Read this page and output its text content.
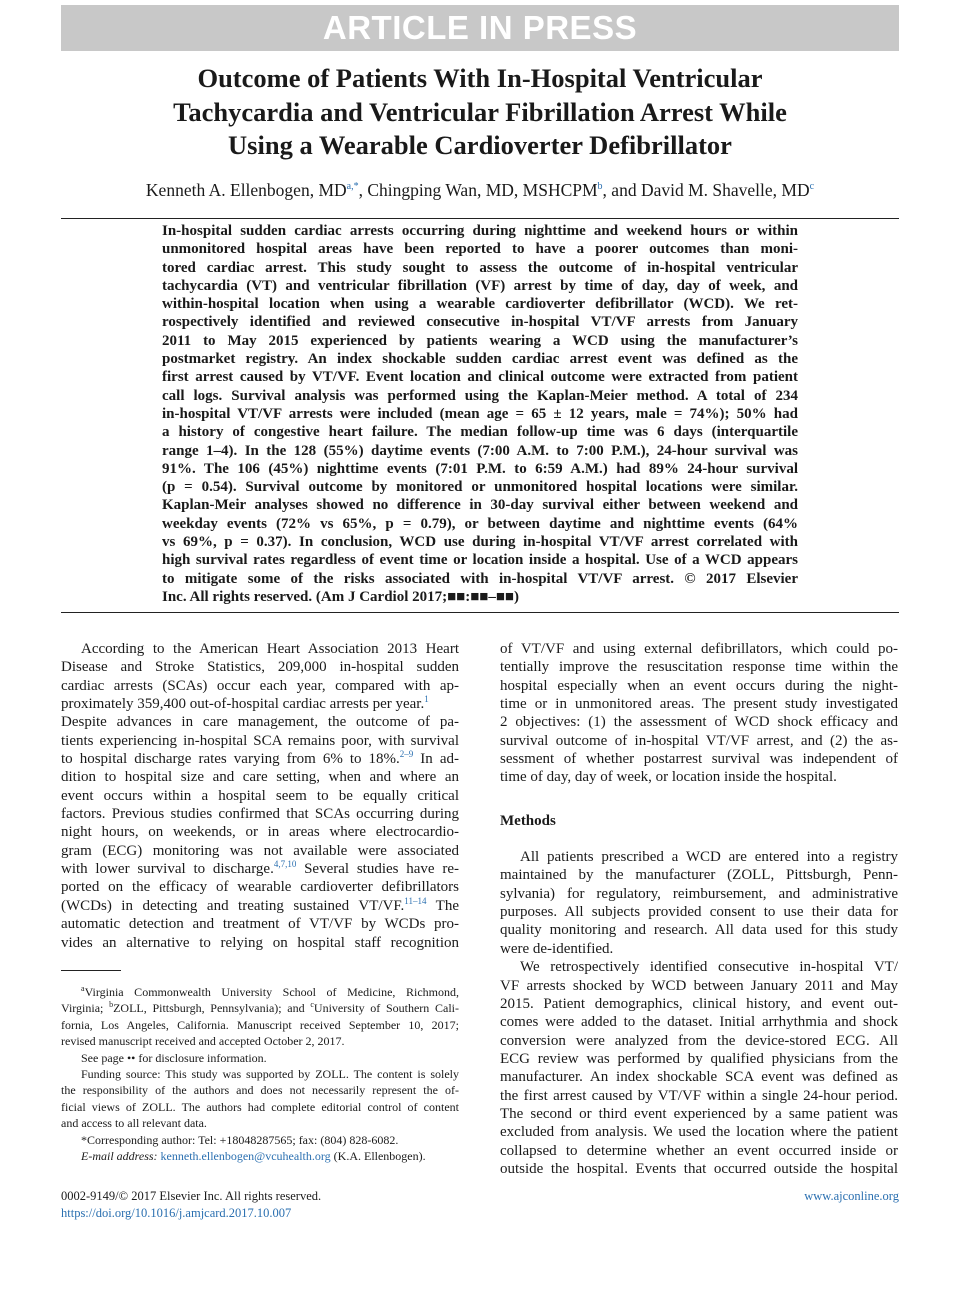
ARTICLE IN PRESS
Outcome of Patients With In-Hospital Ventricular
Tachycardia and Ventricular Fibrillation Arrest While
Using a Wearable Cardioverter Defibrillator
Kenneth A. Ellenbogen, $MD^{a,*}$, Chingping Wan, MD, MSHCPM$^b$, and David M. Shavelle, $MD^c$
In-hospital sudden cardiac arrests occurring during nighttime and weekend hours or within
unmonitored hospital areas have been reported to have a poorer outcomes than moni-
tored cardiac arrest. This study sought to assess the outcome of in-hospital ventricular
tachycardia (VT) and ventricular fibrillation (VF) arrest by time of day, day of week, and
within-hospital location when using a wearable cardioverter defibrillator (WCD). We ret-
rospectively identified and reviewed consecutive in-hospital VT/VF arrests from January
2011 to May 2015 experienced by patients wearing a WCD using the manufacturer’s
postmarket registry. An index shockable sudden cardiac arrest event was defined as the
first arrest caused by VT/VF. Event location and clinical outcome were extracted from patient
call logs. Survival analysis was performed using the Kaplan-Meier method. A total of 234
in-hospital VT/VF arrests were included (mean age = 65 ± 12 years, male = 74%); 50% had
a history of congestive heart failure. The median follow-up time was 6 days (interquartile
range 1–4). In the 128 (55%) daytime events (7:00 A.M. to 7:00 P.M.), 24-hour survival was
91%. The 106 (45%) nighttime events (7:01 P.M. to 6:59 A.M.) had 89% 24-hour survival
(p = 0.54). Survival outcome by monitored or unmonitored hospital locations were similar.
Kaplan-Meir analyses showed no difference in 30-day survival either between weekend and
weekday events (72% vs 65%, p = 0.79), or between daytime and nighttime events (64%
vs 69%, p = 0.37). In conclusion, WCD use during in-hospital VT/VF arrest correlated with
high survival rates regardless of event time or location inside a hospital. Use of a WCD appears
to mitigate some of the risks associated with in-hospital VT/VF arrest. © 2017 Elsevier
Inc. All rights reserved. (Am J Cardiol 2017;■■:■■–■■)
According to the American Heart Association 2013 Heart
Disease and Stroke Statistics, 209,000 in-hospital sudden
cardiac arrests (SCAs) occur each year, compared with ap-
proximately 359,400 out-of-hospital cardiac arrests per year.$^1$
Despite advances in care management, the outcome of pa-
tients experiencing in-hospital SCA remains poor, with survival
to hospital discharge rates varying from 6% to 18%.$^{2-9}$ In ad-
dition to hospital size and care setting, when and where an
event occurs within a hospital seem to be equally critical
factors. Previous studies confirmed that SCAs occurring during
night hours, on weekends, or in areas where electrocardio-
gram (ECG) monitoring was not available were associated
with lower survival to discharge.$^{4,7,10}$ Several studies have re-
ported on the efficacy of wearable cardioverter defibrillators
(WCDs) in detecting and treating sustained VT/VF.$^{11-14}$ The
automatic detection and treatment of VT/VF by WCDs pro-
vides an alternative to relying on hospital staff recognition
of VT/VF and using external defibrillators, which could po-
tentially improve the resuscitation response time within the
hospital especially when an event occurs during the night-
time or in unmonitored areas. The present study investigated
2 objectives: (1) the assessment of WCD shock efficacy and
survival outcome of in-hospital VT/VF arrest, and (2) the as-
sessment of whether postarrest survival was independent of
time of day, day of week, or location inside the hospital.
Methods
All patients prescribed a WCD are entered into a registry
maintained by the manufacturer (ZOLL, Pittsburgh, Penn-
sylvania) for regulatory, reimbursement, and administrative
purposes. All subjects provided consent to use their data for
quality monitoring and research. All data used for this study
were de-identified.
We retrospectively identified consecutive in-hospital VT/
VF arrests shocked by WCD between January 2011 and May
2015. Patient demographics, clinical history, and event out-
comes were added to the dataset. Initial arrhythmia and shock
conversion were analyzed from the device-stored ECG. All
ECG review was performed by qualified physicians from the
manufacturer. An index shockable SCA event was defined as
the first arrest caused by VT/VF within a single 24-hour period.
The second or third event experienced by a same patient was
excluded from analysis. We used the location where the patient
collapsed to determine whether an event occurred inside or
outside the hospital. Events that occurred outside the hospital
$^a$Virginia Commonwealth University School of Medicine, Richmond,
Virginia; $^b$ZOLL, Pittsburgh, Pennsylvania); and $^c$University of Southern Cali-
fornia, Los Angeles, California. Manuscript received September 10, 2017;
revised manuscript received and accepted October 2, 2017.
See page •• for disclosure information.
Funding source: This study was supported by ZOLL. The content is solely
the responsibility of the authors and does not necessarily represent the of-
ficial views of ZOLL. The authors had complete editorial control of content
and access to all relevant data.
*Corresponding author: Tel: +18048287565; fax: (804) 828-6082.
E-mail address: kenneth.ellenbogen@vcuhealth.org (K.A. Ellenbogen).
0002-9149/© 2017 Elsevier Inc. All rights reserved.
https://doi.org/10.1016/j.amjcard.2017.10.007
www.ajconline.org
